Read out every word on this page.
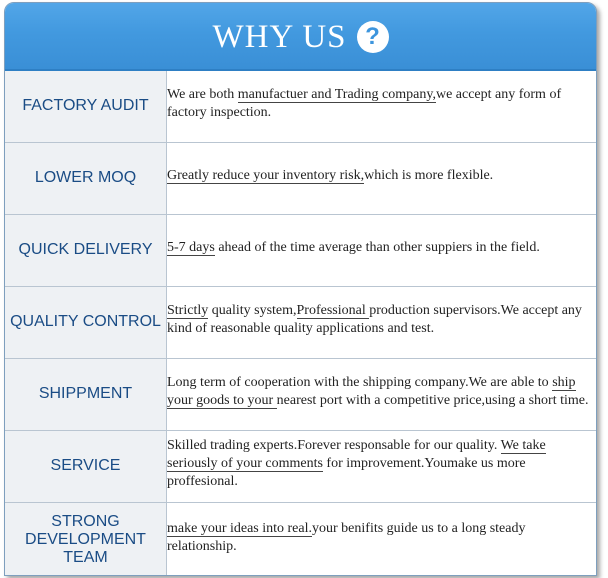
WHY US ?
FACTORY AUDIT	We are both manufactuer and Trading company,we accept any form of factory inspection.

LOWER MOQ	Greatly reduce your inventory risk,which is more flexible.

QUICK DELIVERY	5-7 days ahead of the time average than other suppiers in the field.

QUALITY CONTROL	Strictly quality system,Professional production supervisors.We accept any kind of reasonable quality applications and test.

SHIPPMENT	Long term of cooperation with the shipping company.We are able to ship your goods to your nearest port with a competitive price,using a short time.

SERVICE	Skilled trading experts.Forever responsable for our quality. We take seriously of your comments for improvement.Youmake us more proffesional.

STRONG DEVELOPMENT TEAM	make your ideas into real.your benifits guide us to a long steady relationship.
